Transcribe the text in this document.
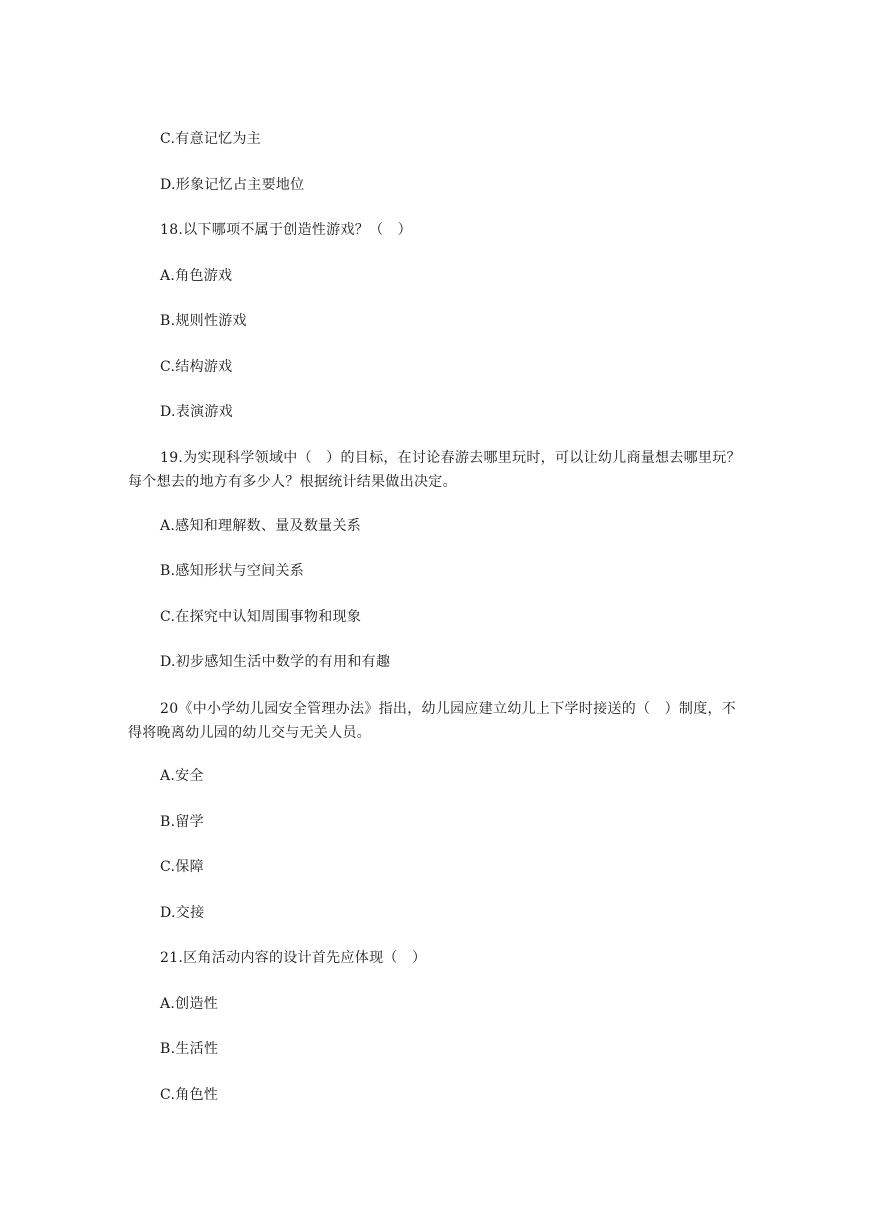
C.有意记忆为主
D.形象记忆占主要地位
18.以下哪项不属于创造性游戏？（　）
A.角色游戏
B.规则性游戏
C.结构游戏
D.表演游戏
19.为实现科学领域中（　）的目标，在讨论春游去哪里玩时，可以让幼儿商量想去哪里玩？每个想去的地方有多少人？根据统计结果做出决定。
A.感知和理解数、量及数量关系
B.感知形状与空间关系
C.在探究中认知周围事物和现象
D.初步感知生活中数学的有用和有趣
20《中小学幼儿园安全管理办法》指出，幼儿园应建立幼儿上下学时接送的（　）制度，不得将晚离幼儿园的幼儿交与无关人员。
A.安全
B.留学
C.保障
D.交接
21.区角活动内容的设计首先应体现（　）
A.创造性
B.生活性
C.角色性
